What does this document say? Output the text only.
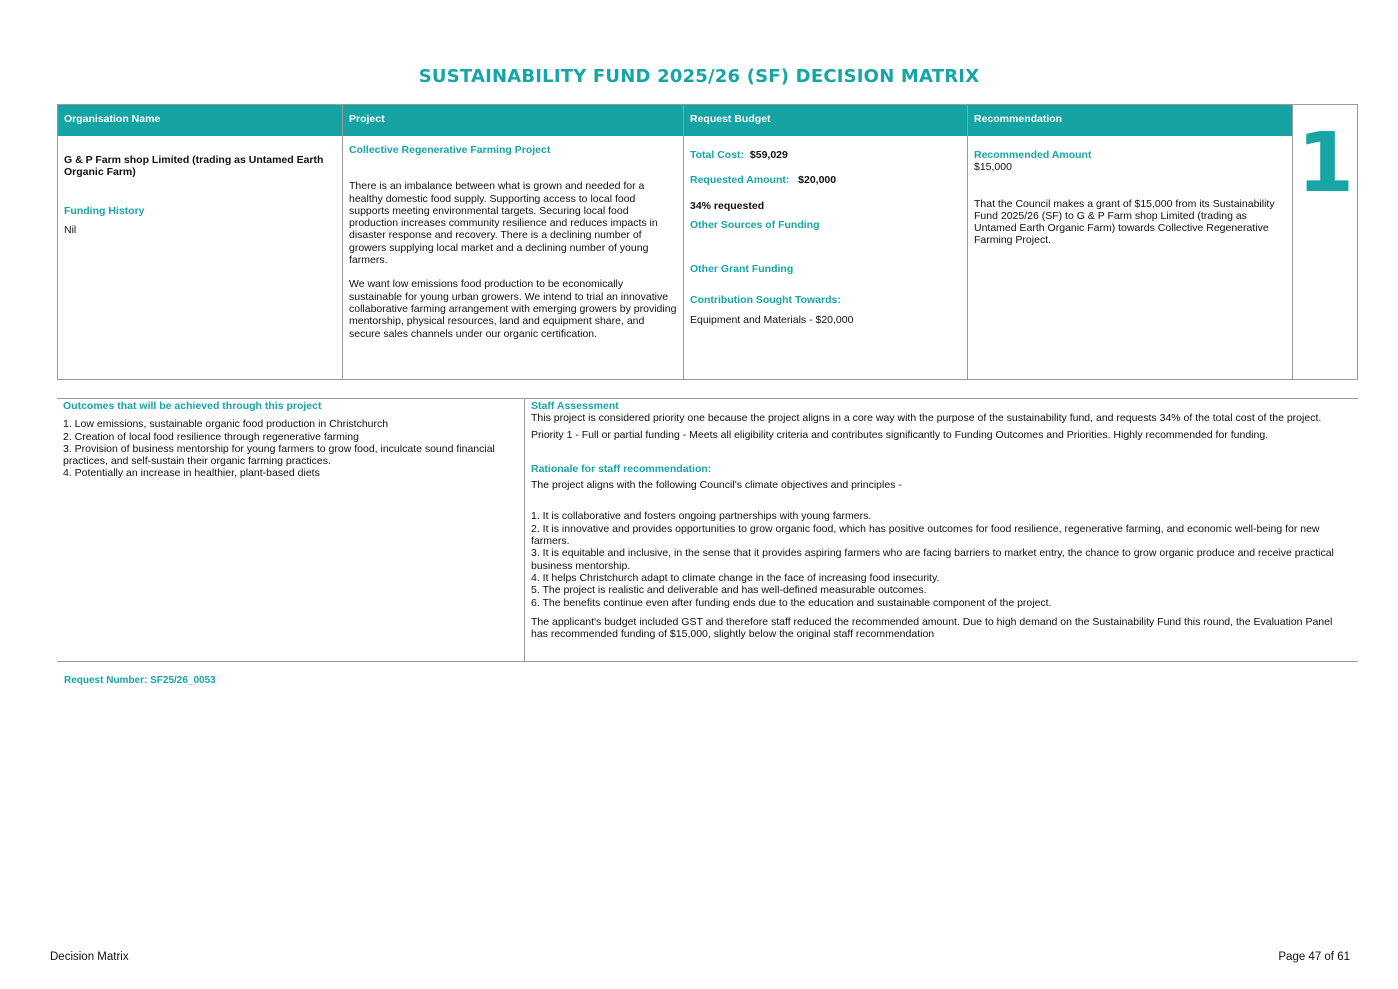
SUSTAINABILITY FUND 2025/26 (SF) DECISION MATRIX
Organisation Name

G & P Farm shop Limited (trading as Untamed Earth Organic Farm)

Funding History

Nil

Project

Collective Regenerative Farming Project

There is an imbalance between what is grown and needed for a healthy domestic food supply. Supporting access to local food supports meeting environmental targets. Securing local food production increases community resilience and reduces impacts in disaster response and recovery. There is a declining number of growers supplying local market and a declining number of young farmers.

We want low emissions food production to be economically sustainable for young urban growers. We intend to trial an innovative collaborative farming arrangement with emerging growers by providing mentorship, physical resources, land and equipment share, and secure sales channels under our organic certification.

Request Budget

Total Cost: $59,029

Requested Amount: $20,000

34% requested

Other Sources of Funding

Other Grant Funding

Contribution Sought Towards:

Equipment and Materials - $20,000

Recommendation

Recommended Amount

$15,000

That the Council makes a grant of $15,000 from its Sustainability Fund 2025/26 (SF) to G & P Farm shop Limited (trading as Untamed Earth Organic Farm) towards Collective Regenerative Farming Project.

1

Outcomes that will be achieved through this project

1. Low emissions, sustainable organic food production in Christchurch

2. Creation of local food resilience through regenerative farming

3. Provision of business mentorship for young farmers to grow food, inculcate sound financial practices, and self-sustain their organic farming practices.

4. Potentially an increase in healthier, plant-based diets

Staff Assessment

This project is considered priority one because the project aligns in a core way with the purpose of the sustainability fund, and requests 34% of the total cost of the project.

Priority 1 - Full or partial funding - Meets all eligibility criteria and contributes significantly to Funding Outcomes and Priorities. Highly recommended for funding.

Rationale for staff recommendation:

The project aligns with the following Council's climate objectives and principles -

1. It is collaborative and fosters ongoing partnerships with young farmers.

2. It is innovative and provides opportunities to grow organic food, which has positive outcomes for food resilience, regenerative farming, and economic well-being for new farmers.

3. It is equitable and inclusive, in the sense that it provides aspiring farmers who are facing barriers to market entry, the chance to grow organic produce and receive practical business mentorship.

4. It helps Christchurch adapt to climate change in the face of increasing food insecurity.

5. The project is realistic and deliverable and has well-defined measurable outcomes.

6. The benefits continue even after funding ends due to the education and sustainable component of the project.

The applicant's budget included GST and therefore staff reduced the recommended amount. Due to high demand on the Sustainability Fund this round, the Evaluation Panel has recommended funding of $15,000, slightly below the original staff recommendation

Request Number: SF25/26_0053
Decision Matrix	Page 47 of 61
